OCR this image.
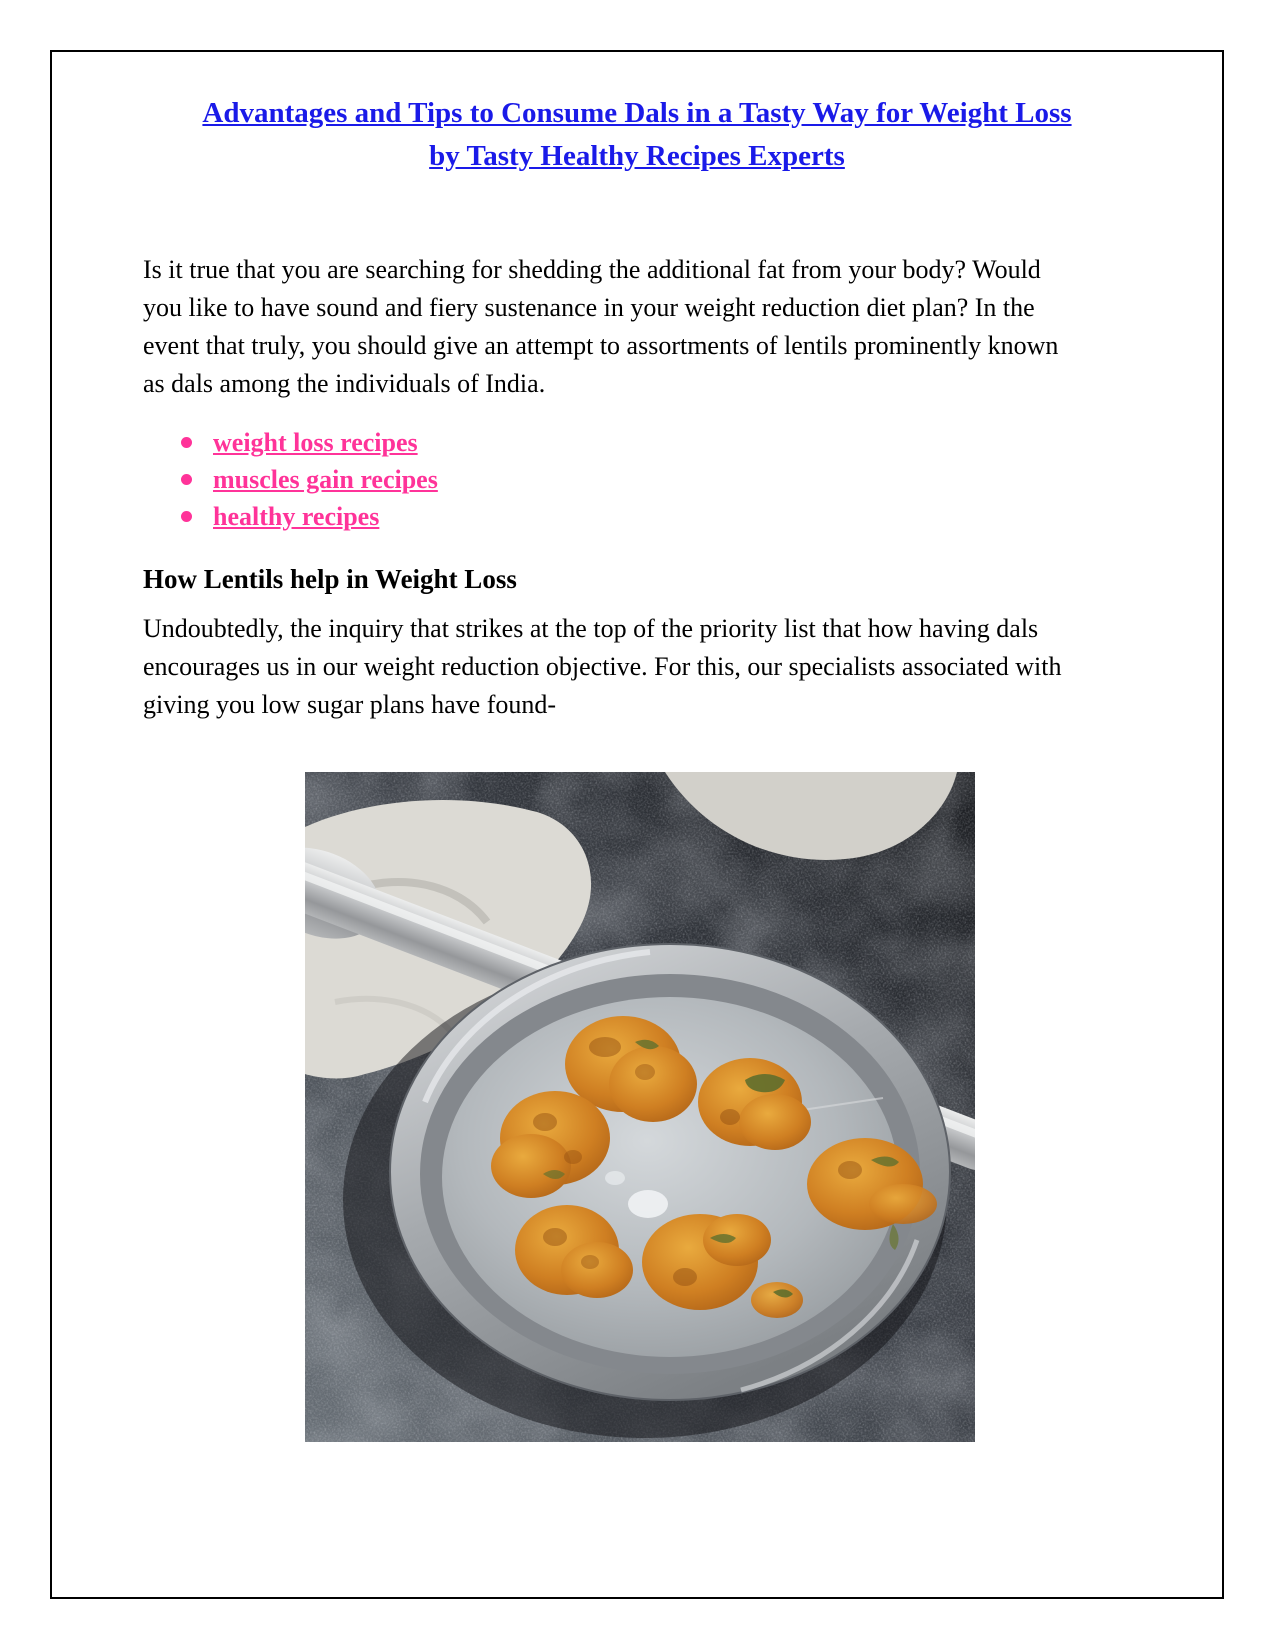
Advantages and Tips to Consume Dals in a Tasty Way for Weight Loss
by Tasty Healthy Recipes Experts
Is it true that you are searching for shedding the additional fat from your body? Would you like to have sound and fiery sustenance in your weight reduction diet plan? In the event that truly, you should give an attempt to assortments of lentils prominently known as dals among the individuals of India.
weight loss recipes
muscles gain recipes
healthy recipes
How Lentils help in Weight Loss
Undoubtedly, the inquiry that strikes at the top of the priority list that how having dals encourages us in our weight reduction objective. For this, our specialists associated with giving you low sugar plans have found-
